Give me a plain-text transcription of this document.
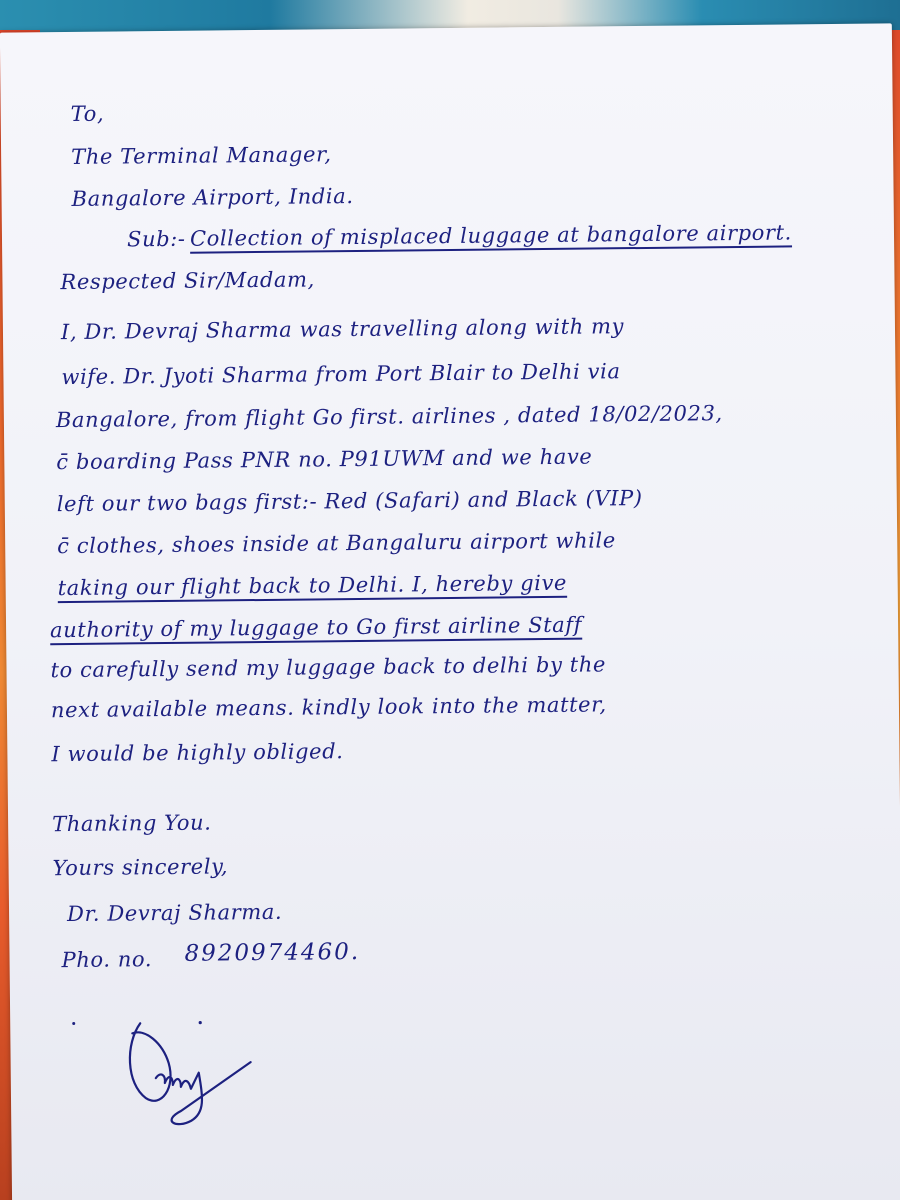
To,
The Terminal Manager,
Bangalore Airport, India.
Sub:- Collection of misplaced luggage at bangalore airport.
Respected Sir/Madam,
I, Dr. Devraj Sharma was travelling along with my
wife. Dr. Jyoti Sharma from Port Blair to Delhi via
Bangalore, from flight Go first. airlines , dated 18/02/2023,
c̄ boarding Pass PNR no. P91UWM and we have
left our two bags first:- Red (Safari) and Black (VIP)
c̄ clothes, shoes inside at Bangaluru airport while
taking our flight back to Delhi. I, hereby give
authority of my luggage to Go first airline Staff
to carefully send my luggage back to delhi by the
next available means. kindly look into the matter,
I would be highly obliged.
Thanking You.
Yours sincerely,
Dr. Devraj Sharma.
Pho. no. 8920974460.
